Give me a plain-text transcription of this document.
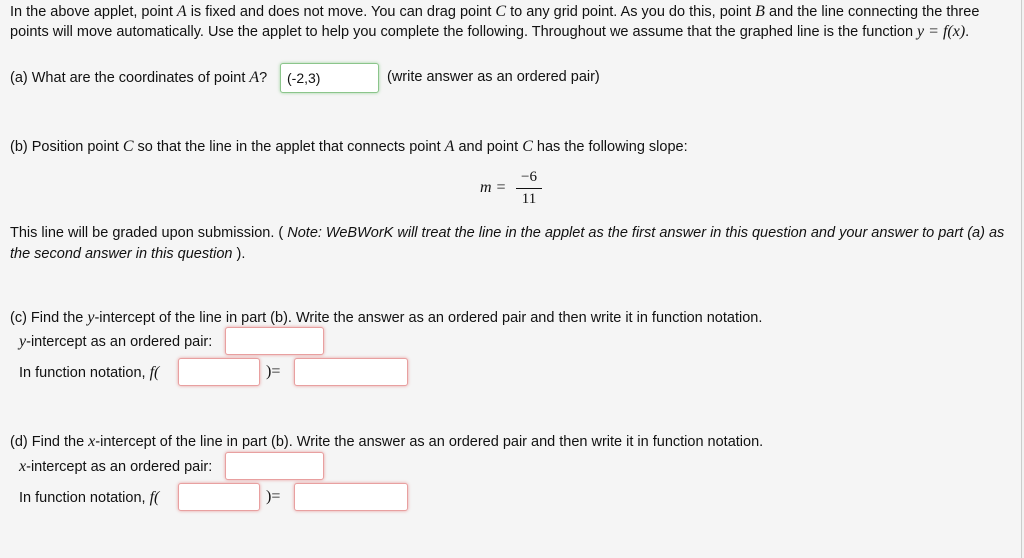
In the above applet, point A is fixed and does not move. You can drag point C to any grid point. As you do this, point B and the line connecting the three
points will move automatically. Use the applet to help you complete the following. Throughout we assume that the graphed line is the function y = f(x).
(a) What are the coordinates of point A?	(-2,3)	(write answer as an ordered pair)
(b) Position point C so that the line in the applet that connects point A and point C has the following slope:
m =
−6
11
This line will be graded upon submission. ( Note: WeBWorK will treat the line in the applet as the first answer in this question and your answer to part (a) as
the second answer in this question ).
(c) Find the y-intercept of the line in part (b). Write the answer as an ordered pair and then write it in function notation.
y-intercept as an ordered pair:
In function notation, f(	)=
(d) Find the x-intercept of the line in part (b). Write the answer as an ordered pair and then write it in function notation.
x-intercept as an ordered pair:
In function notation, f(	)=
